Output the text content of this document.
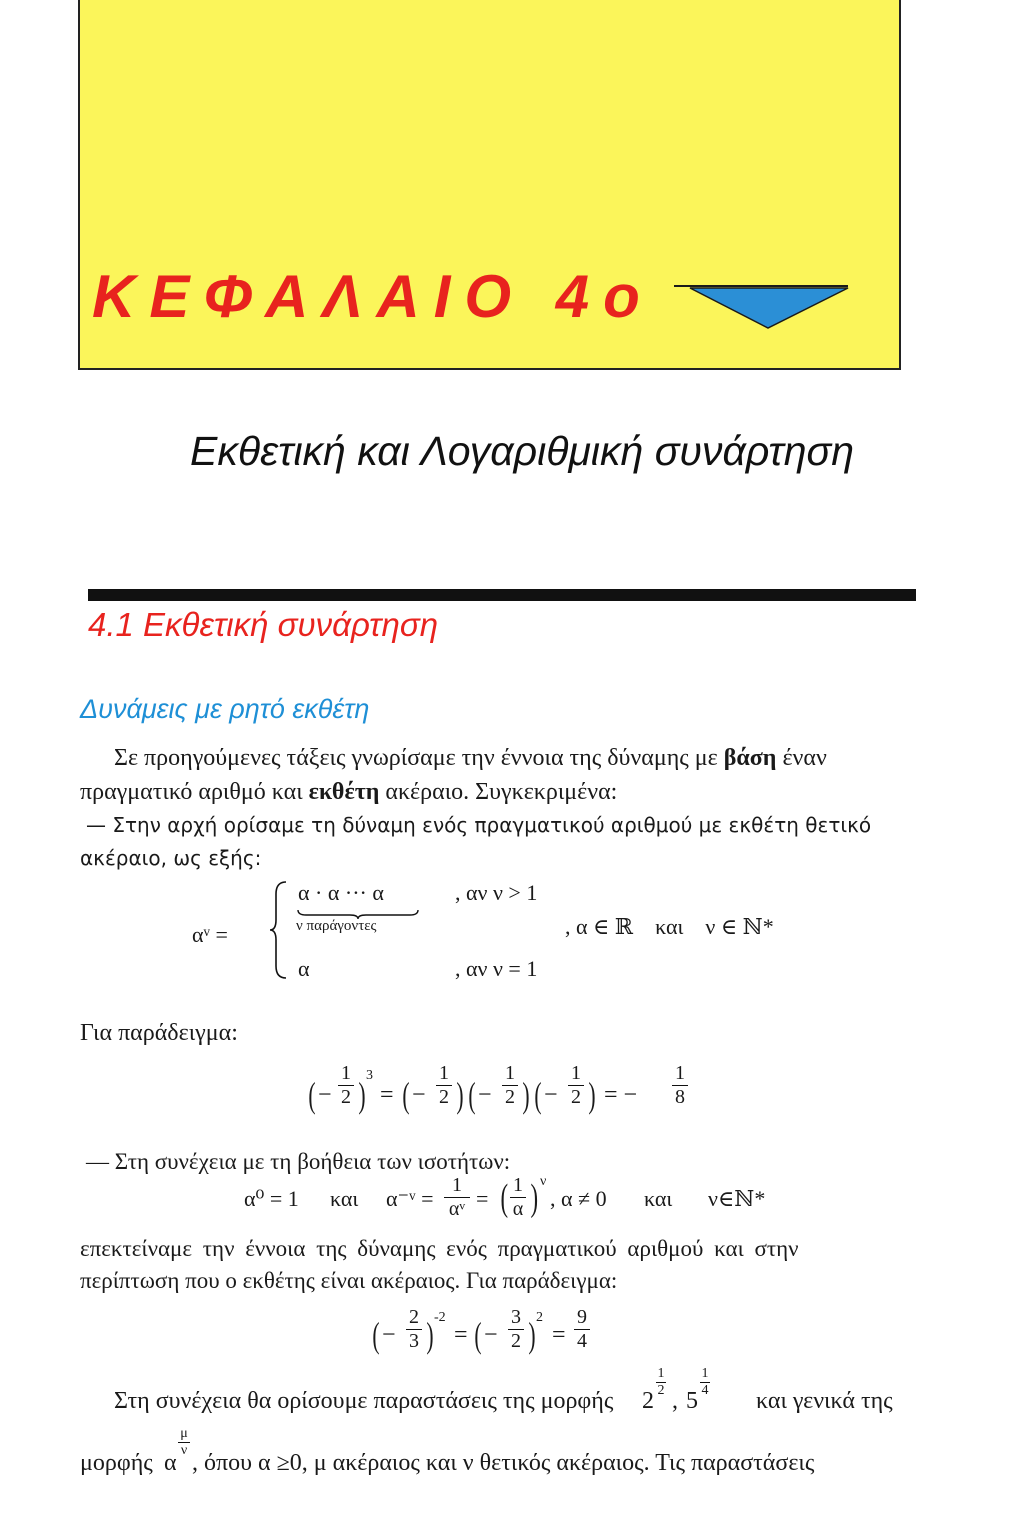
ΚΕΦΑΛΑΙΟ 4ο
Εκθετική και Λογαριθμική συνάρτηση
4.1 Εκθετική συνάρτηση
Δυνάμεις με ρητό εκθέτη
Σε προηγούμενες τάξεις γνωρίσαμε την έννοια της δύναμης με βάση έναν
πραγματικό αριθμό και εκθέτη ακέραιο. Συγκεκριμένα:
— Στην αρχή ορίσαμε τη δύναμη ενός πραγματικού αριθμού με εκθέτη θετικό
ακέραιο, ως εξής:
αᵛ =
α · α ··· α
ν παράγοντες
, αν ν > 1
α	, αν ν = 1
, α ∈ ℝ    και    ν ∈ ℕ*
Για παράδειγμα:
( − $\frac{1}{2}$ ) 3
= ( − $\frac{1}{2}$ ) ( − $\frac{1}{2}$ ) ( − $\frac{1}{2}$ ) = − $\frac{1}{8}$
— Στη συνέχεια με τη βοήθεια των ισοτήτων:
α⁰ = 1 και α⁻ᵛ = $\frac{1}{\text{αᵛ}}$ = ( $\frac{1}{\alpha}$ ) ν
, α ≠ 0 και ν∈ℕ*
επεκτείναμε την έννοια της δύναμης ενός πραγματικού αριθμού και στην
περίπτωση που ο εκθέτης είναι ακέραιος. Για παράδειγμα:
( − $\frac{2}{3}$ ) -2
= ( − $\frac{3}{2}$ ) 2
= $\frac{9}{4}$
Στη συνέχεια θα ορίσουμε παραστάσεις της μορφής 2
$\frac{1}{2}$
, 5
$\frac{1}{4}$
και γενικά της
μορφής α
$\frac{\mu}{\nu}$
, όπου α ≥0, μ ακέραιος και ν θετικός ακέραιος. Τις παραστάσεις
